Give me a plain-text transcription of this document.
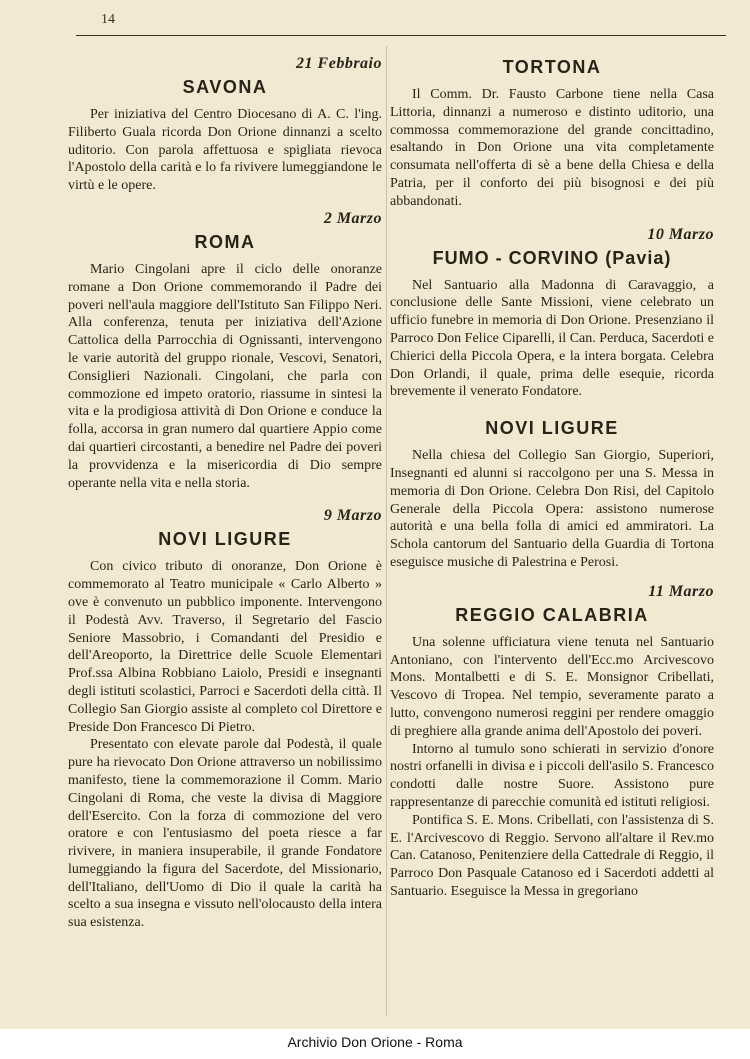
14
21 Febbraio
SAVONA

Per iniziativa del Centro Diocesano di A. C. l'ing. Filiberto Guala ricorda Don Orione dinnanzi a scelto uditorio. Con parola affettuosa e spigliata rievoca l'Apostolo della carità e lo fa rivivere lumeggiandone le virtù e le opere.

2 Marzo
ROMA

Mario Cingolani apre il ciclo delle onoranze romane a Don Orione commemorando il Padre dei poveri nell'aula maggiore dell'Istituto San Filippo Neri. Alla conferenza, tenuta per iniziativa dell'Azione Cattolica della Parrocchia di Ognissanti, intervengono le varie autorità del gruppo rionale, Vescovi, Senatori, Consiglieri Nazionali. Cingolani, che parla con commozione ed impeto oratorio, riassume in sintesi la vita e la prodigiosa attività di Don Orione e conduce la folla, accorsa in gran numero dal quartiere Appio come dai quartieri circostanti, a benedire nel Padre dei poveri la provvidenza e la misericordia di Dio sempre operante nella vita e nella storia.

9 Marzo
NOVI LIGURE

Con civico tributo di onoranze, Don Orione è commemorato al Teatro municipale « Carlo Alberto » ove è convenuto un pubblico imponente. Intervengono il Podestà Avv. Traverso, il Segretario del Fascio Seniore Massobrio, i Comandanti del Presidio e dell'Areoporto, la Direttrice delle Scuole Elementari Prof.ssa Albina Robbiano Laiolo, Presidi e insegnanti degli istituti scolastici, Parroci e Sacerdoti della città. Il Collegio San Giorgio assiste al completo col Direttore e Preside Don Francesco Di Pietro.

Presentato con elevate parole dal Podestà, il quale pure ha rievocato Don Orione attraverso un nobilissimo manifesto, tiene la commemorazione il Comm. Mario Cingolani di Roma, che veste la divisa di Maggiore dell'Esercito. Con la forza di commozione del vero oratore e con l'entusiasmo del poeta riesce a far rivivere, in maniera insuperabile, il grande Fondatore lumeggiando la figura del Sacerdote, del Missionario, dell'Italiano, dell'Uomo di Dio il quale la carità ha scelto a sua insegna e vissuto nell'olocausto della intera sua esistenza.

TORTONA

Il Comm. Dr. Fausto Carbone tiene nella Casa Littoria, dinnanzi a numeroso e distinto uditorio, una commossa commemorazione del grande concittadino, esaltando in Don Orione una vita completamente consumata nell'offerta di sè a bene della Chiesa e della Patria, per il conforto dei più bisognosi e dei più abbandonati.

10 Marzo
FUMO - CORVINO (Pavia)

Nel Santuario alla Madonna di Caravaggio, a conclusione delle Sante Missioni, viene celebrato un ufficio funebre in memoria di Don Orione. Presenziano il Parroco Don Felice Ciparelli, il Can. Perduca, Sacerdoti e Chierici della Piccola Opera, e la intera borgata. Celebra Don Orlandi, il quale, prima delle esequie, ricorda brevemente il venerato Fondatore.

NOVI LIGURE

Nella chiesa del Collegio San Giorgio, Superiori, Insegnanti ed alunni si raccolgono per una S. Messa in memoria di Don Orione. Celebra Don Risi, del Capitolo Generale della Piccola Opera: assistono numerose autorità e una bella folla di amici ed ammiratori. La Schola cantorum del Santuario della Guardia di Tortona eseguisce musiche di Palestrina e Perosi.

11 Marzo
REGGIO CALABRIA

Una solenne ufficiatura viene tenuta nel Santuario Antoniano, con l'intervento dell'Ecc.mo Arcivescovo Mons. Montalbetti e di S. E. Monsignor Cribellati, Vescovo di Tropea. Nel tempio, severamente parato a lutto, convengono numerosi reggini per rendere omaggio di preghiere alla grande anima dell'Apostolo dei poveri.

Intorno al tumulo sono schierati in servizio d'onore nostri orfanelli in divisa e i piccoli dell'asilo S. Francesco condotti dalle nostre Suore. Assistono pure rappresentanze di parecchie comunità ed istituti religiosi.

Pontifica S. E. Mons. Cribellati, con l'assistenza di S. E. l'Arcivescovo di Reggio. Servono all'altare il Rev.mo Can. Catanoso, Penitenziere della Cattedrale di Reggio, il Parroco Don Pasquale Catanoso ed i Sacerdoti addetti al Santuario. Eseguisce la Messa in gregoriano

Archivio Don Orione - Roma
